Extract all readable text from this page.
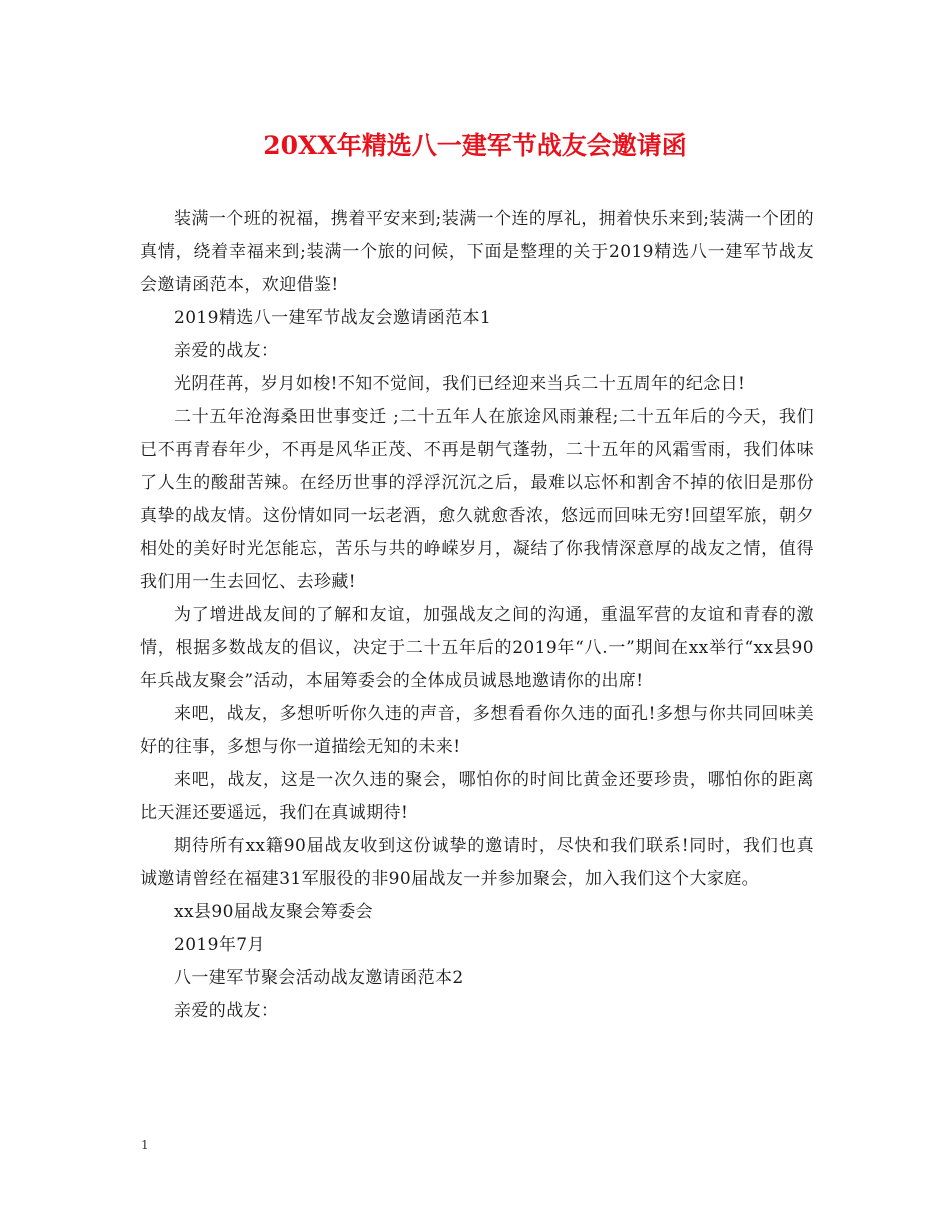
20XX年精选八一建军节战友会邀请函

装满一个班的祝福，携着平安来到;装满一个连的厚礼，拥着快乐来到;装满一个团的真情，绕着幸福来到;装满一个旅的问候，下面是整理的关于2019精选八一建军节战友会邀请函范本，欢迎借鉴!

2019精选八一建军节战友会邀请函范本1

亲爱的战友：

光阴荏苒，岁月如梭!不知不觉间，我们已经迎来当兵二十五周年的纪念日!

二十五年沧海桑田世事变迁 ;二十五年人在旅途风雨兼程;二十五年后的今天，我们已不再青春年少，不再是风华正茂、不再是朝气蓬勃，二十五年的风霜雪雨，我们体味了人生的酸甜苦辣。在经历世事的浮浮沉沉之后，最难以忘怀和割舍不掉的依旧是那份真挚的战友情。这份情如同一坛老酒，愈久就愈香浓，悠远而回味无穷!回望军旅，朝夕相处的美好时光怎能忘，苦乐与共的峥嵘岁月，凝结了你我情深意厚的战友之情，值得我们用一生去回忆、去珍藏!

为了增进战友间的了解和友谊，加强战友之间的沟通，重温军营的友谊和青春的激情，根据多数战友的倡议，决定于二十五年后的2019年“八.一”期间在xx举行“xx县90年兵战友聚会”活动，本届筹委会的全体成员诚恳地邀请你的出席!

来吧，战友，多想听听你久违的声音，多想看看你久违的面孔!多想与你共同回味美好的往事，多想与你一道描绘无知的未来!

来吧，战友，这是一次久违的聚会，哪怕你的时间比黄金还要珍贵，哪怕你的距离比天涯还要遥远，我们在真诚期待!

期待所有xx籍90届战友收到这份诚挚的邀请时，尽快和我们联系!同时，我们也真诚邀请曾经在福建31军服役的非90届战友一并参加聚会，加入我们这个大家庭。

xx县90届战友聚会筹委会

2019年7月

八一建军节聚会活动战友邀请函范本2

亲爱的战友：

1
